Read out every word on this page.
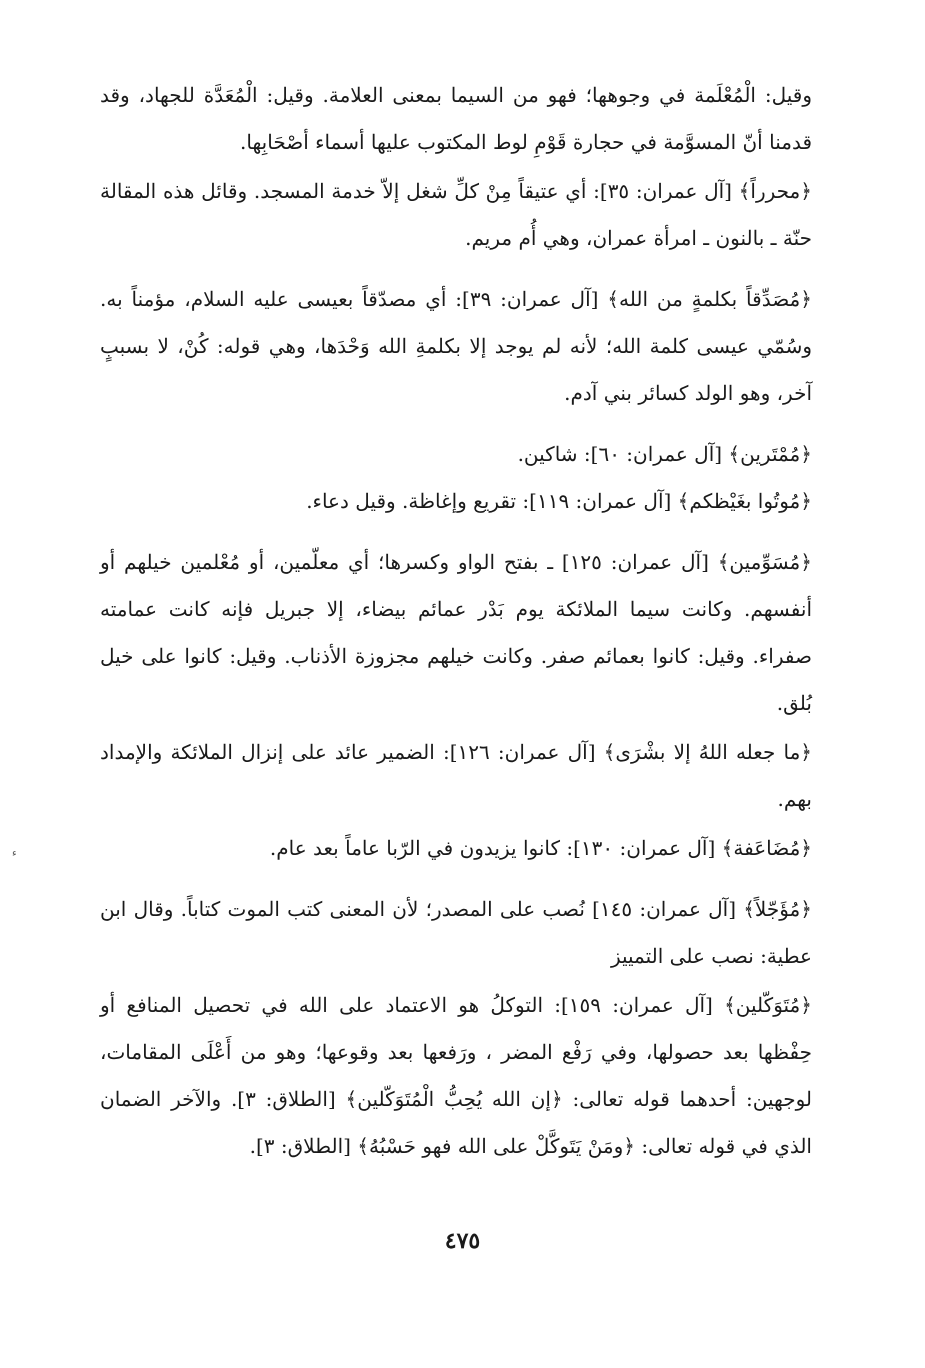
وقيل: الْمُعْلَمة في وجوهها؛ فهو من السيما بمعنى العلامة. وقيل: الْمُعَدَّة للجهاد، وقد قدمنا أنّ المسوَّمة في حجارة قَوْمِ لوط المكتوب عليها أسماء أصْحَابِها.

﴿محرراً﴾ [آل عمران: ٣٥]: أي عتيقاً مِنْ كلِّ شغل إلاّ خدمة المسجد. وقائل هذه المقالة حنّة ـ بالنون ـ امرأة عمران، وهي أُم مريم.

﴿مُصَدِّقاً بكلمةٍ من الله﴾ [آل عمران: ٣٩]: أي مصدّقاً بعيسى عليه السلام، مؤمناً به. وسُمّي عيسى كلمة الله؛ لأنه لم يوجد إلا بكلمةِ الله وَحْدَها، وهي قوله: كُنْ، لا بسببٍ آخر، وهو الولد كسائر بني آدم.

﴿مُمْتَرين﴾ [آل عمران: ٦٠]: شاكين.

﴿مُوتُوا بغَيْظكم﴾ [آل عمران: ١١٩]: تقريع وإغاظة. وقيل دعاء.

﴿مُسَوِّمين﴾ [آل عمران: ١٢٥] ـ بفتح الواو وكسرها؛ أي معلّمين، أو مُعْلمين خيلهم أو أنفسهم. وكانت سيما الملائكة يوم بَدْر عمائم بيضاء، إلا جبريل فإنه كانت عمامته صفراء. وقيل: كانوا بعمائم صفر. وكانت خيلهم مجزوزة الأذناب. وقيل: كانوا على خيل بُلق.

﴿ما جعله اللهُ إلا بشْرَى﴾ [آل عمران: ١٢٦]: الضمير عائد على إنزال الملائكة والإمداد بهم.

﴿مُضَاعَفة﴾ [آل عمران: ١٣٠]: كانوا يزيدون في الرّبا عاماً بعد عام.

﴿مُؤَجّلاً﴾ [آل عمران: ١٤٥] نُصب على المصدر؛ لأن المعنى كتب الموت كتاباً. وقال ابن عطية: نصب على التمييز

﴿مُتَوَكّلين﴾ [آل عمران: ١٥٩]: التوكلُ هو الاعتماد على الله في تحصيل المنافع أو حِفْظها بعد حصولها، وفي رَفْع المضر ، ورَفعها بعد وقوعها؛ وهو من أَعْلَى المقامات، لوجهين: أحدهما قوله تعالى: ﴿إن الله يُحِبُّ الْمُتَوَكّلين﴾ [الطلاق: ٣]. والآخر الضمان الذي في قوله تعالى: ﴿ومَنْ يَتَوكَّلْ على الله فهو حَسْبُهُ﴾ [الطلاق: ٣].

٤٧٥
ء
